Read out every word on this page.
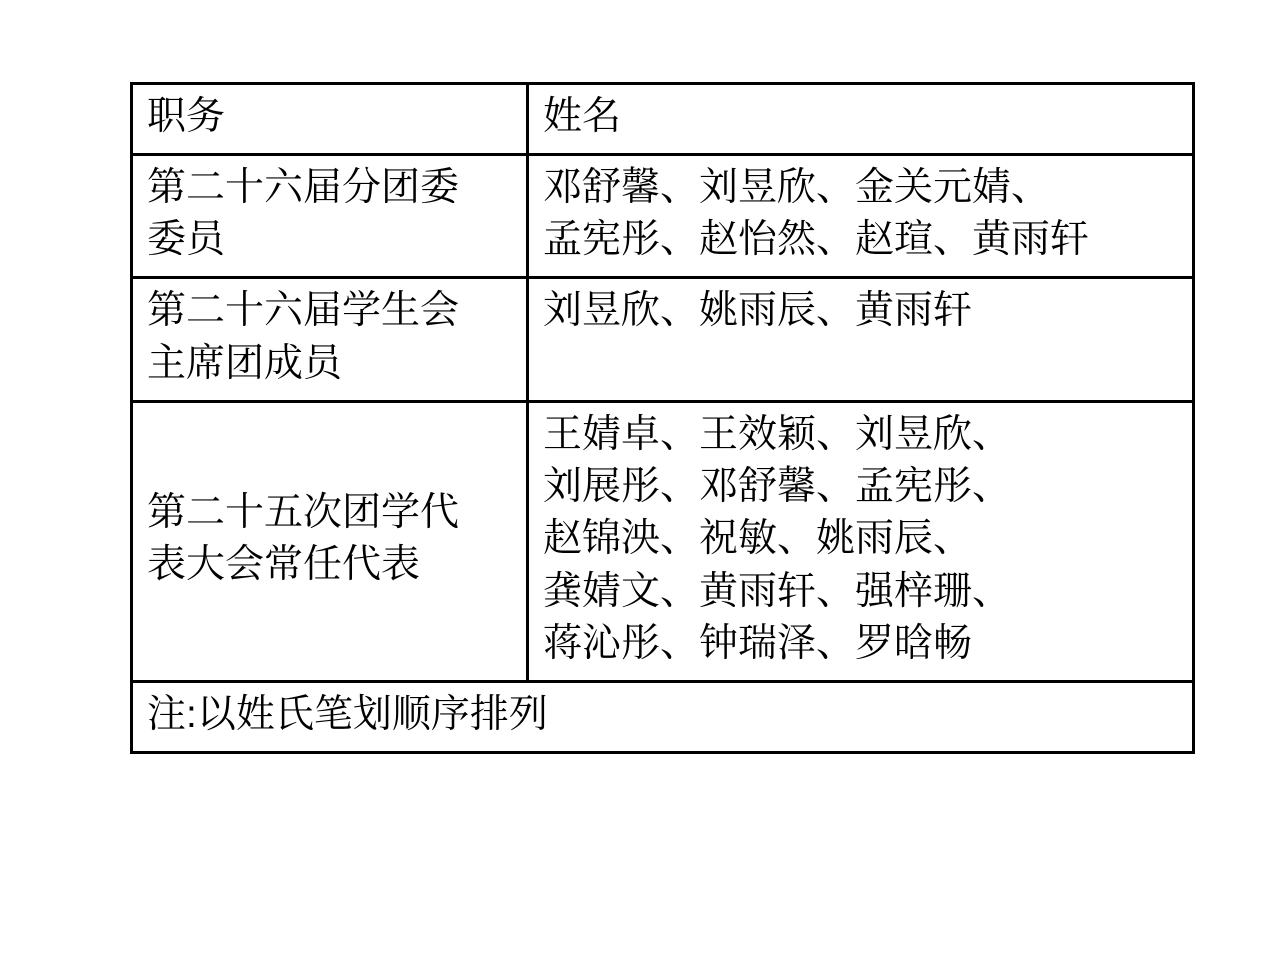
职务	姓名

第二十六届分团委
委员	邓舒馨、刘昱欣、金关元婧、
孟宪彤、赵怡然、赵瑄、黄雨轩

第二十六届学生会
主席团成员	刘昱欣、姚雨辰、黄雨轩

第二十五次团学代
表大会常任代表	王婧卓、王效颖、刘昱欣、
刘展彤、邓舒馨、孟宪彤、
赵锦泱、祝敏、姚雨辰、
龚婧文、黄雨轩、强梓珊、
蒋沁彤、钟瑞泽、罗晗畅

注:以姓氏笔划顺序排列	
